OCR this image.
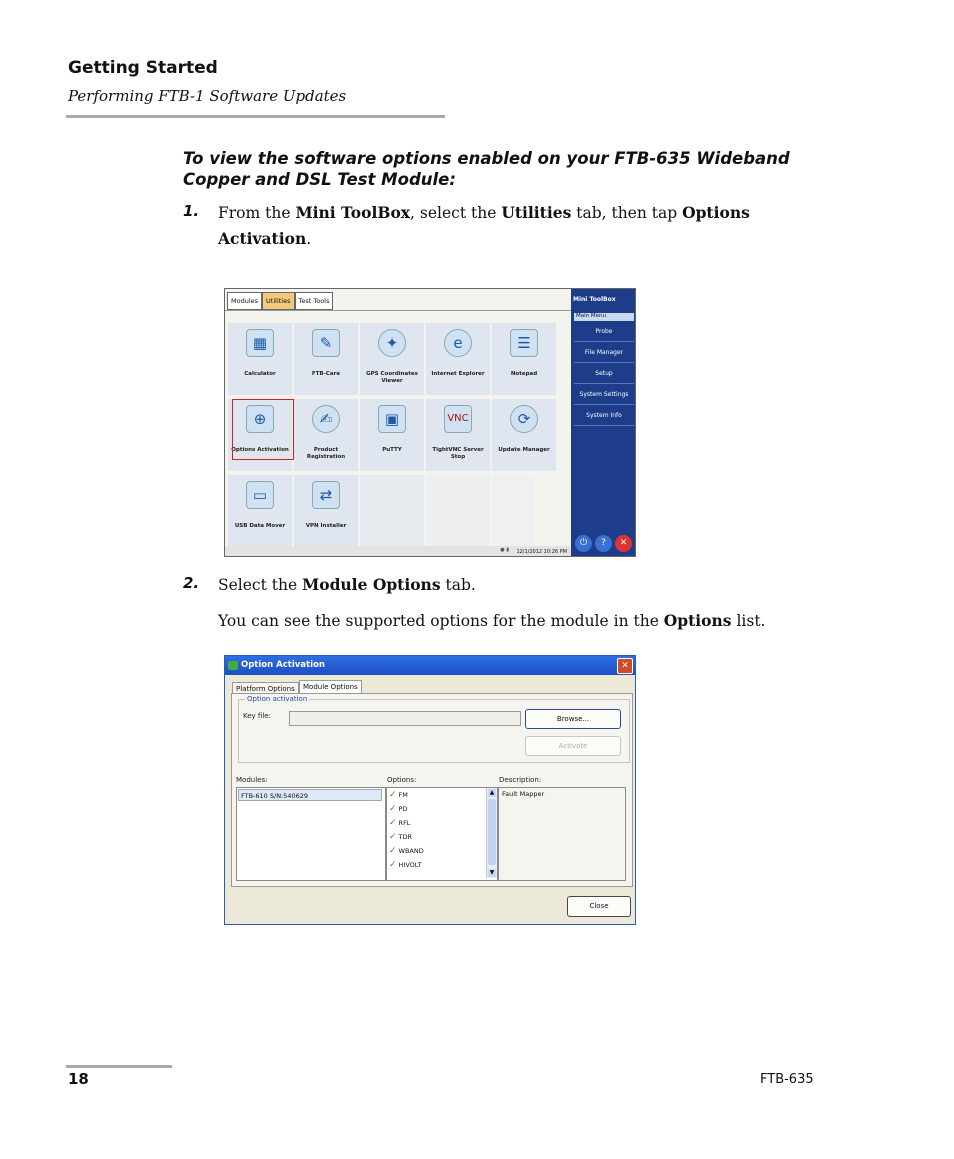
Getting Started
Performing FTB-1 Software Updates
To view the software options enabled on your FTB-635 Wideband Copper and DSL Test Module:
1. From the Mini ToolBox, select the Utilities tab, then tap Options Activation.
Modules	Utilities	Test Tools
▦
Calculator
✎
FTB-Care
✦
GPS Coordinates Viewer
e
Internet Explorer
☰
Notepad
⊕
Options Activation
✍
Product Registration
▣
PuTTY
VNC
TightVNC Server Stop
⟳
Update Manager
▭
USB Data Mover
⇄
VPN Installer
Mini ToolBox
Main Menu
Probe
File Manager
Setup
System Settings
System Info
⏻	?	✕
● ▮ 12/1/2012 10:26 PM
2. Select the Module Options tab.
You can see the supported options for the module in the Options list.
Option Activation	✕
Platform Options	Module Options
Option activation
Key file:	Browse...
Activate
Modules:	Options:	Description:
FTB-610 S/N:540629	✓ FM
✓ PD
✓ RFL
✓ TDR
✓ WBAND
✓ HIVOLT
▲
▼
Fault Mapper
Close
18	FTB-635
